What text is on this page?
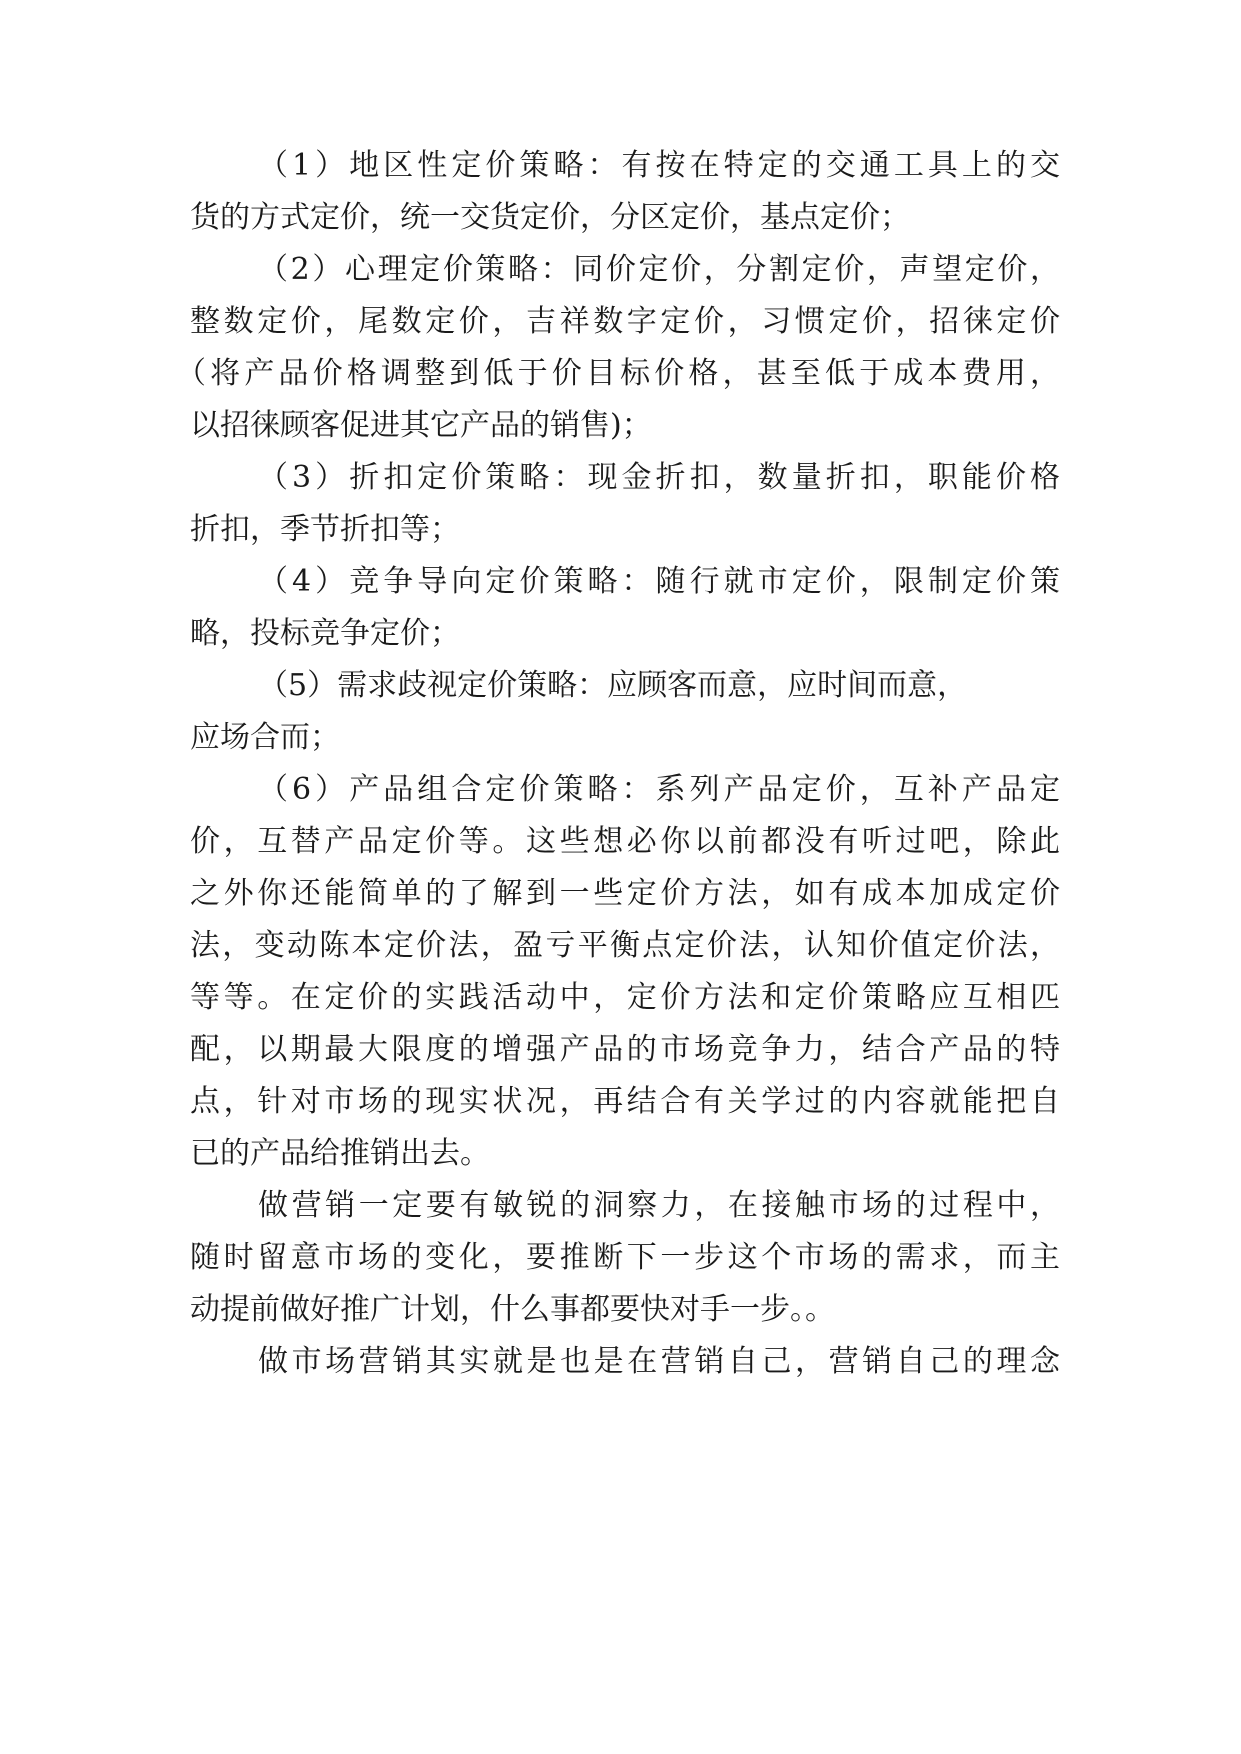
（1）地区性定价策略：有按在特定的交通工具上的交
货的方式定价，统一交货定价，分区定价，基点定价；
（2）心理定价策略：同价定价，分割定价，声望定价，
整数定价，尾数定价，吉祥数字定价，习惯定价，招徕定价
（将产品价格调整到低于价目标价格，甚至低于成本费用，
以招徕顾客促进其它产品的销售)；
（3）折扣定价策略：现金折扣，数量折扣，职能价格
折扣，季节折扣等；
（4）竞争导向定价策略：随行就市定价，限制定价策
略，投标竞争定价；
（5）需求歧视定价策略：应顾客而意，应时间而意，
应场合而；
（6）产品组合定价策略：系列产品定价，互补产品定
价，互替产品定价等。这些想必你以前都没有听过吧，除此
之外你还能简单的了解到一些定价方法，如有成本加成定价
法，变动陈本定价法，盈亏平衡点定价法，认知价值定价法，
等等。在定价的实践活动中，定价方法和定价策略应互相匹
配，以期最大限度的增强产品的市场竞争力，结合产品的特
点，针对市场的现实状况，再结合有关学过的内容就能把自
已的产品给推销出去。
做营销一定要有敏锐的洞察力，在接触市场的过程中，
随时留意市场的变化，要推断下一步这个市场的需求，而主
动提前做好推广计划，什么事都要快对手一步。。
做市场营销其实就是也是在营销自己，营销自己的理念
